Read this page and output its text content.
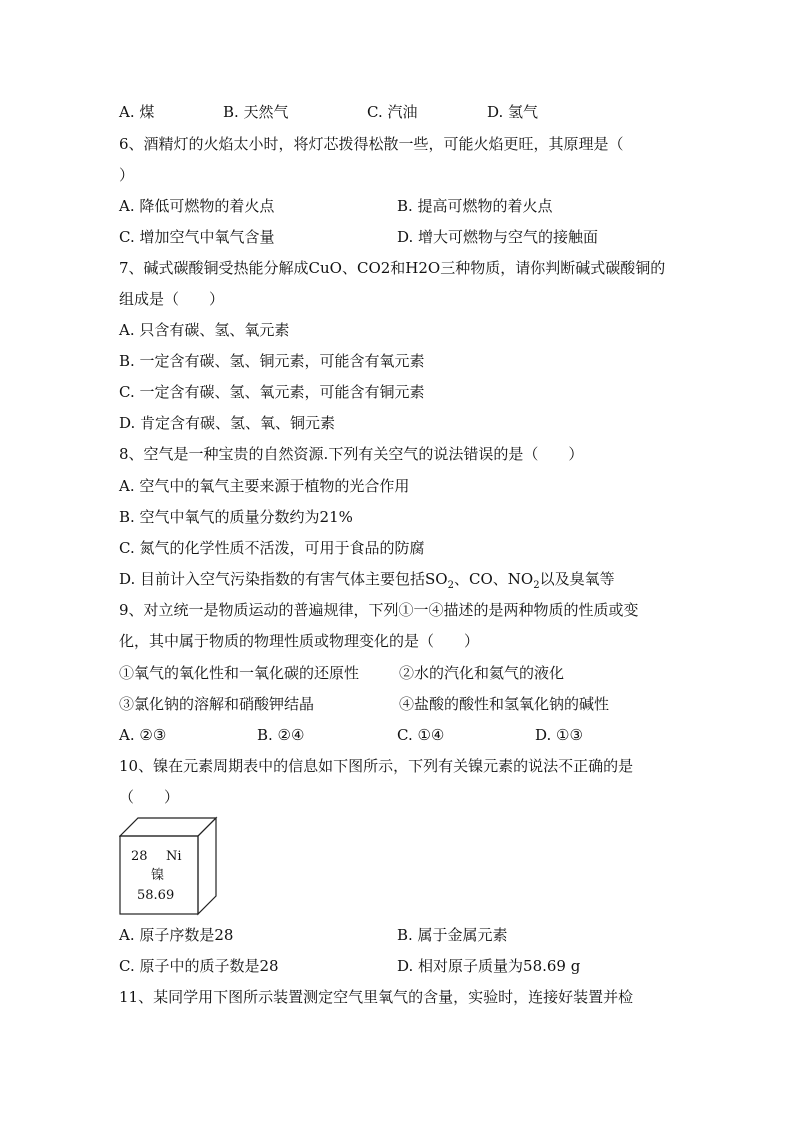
A. 煤	B. 天然气	C. 汽油	D. 氢气
6、酒精灯的火焰太小时，将灯芯拨得松散一些，可能火焰更旺，其原理是（
）
A. 降低可燃物的着火点	B. 提高可燃物的着火点
C. 增加空气中氧气含量	D. 增大可燃物与空气的接触面
7、碱式碳酸铜受热能分解成CuO、CO2和H2O三种物质，请你判断碱式碳酸铜的
组成是（　　）
A. 只含有碳、氢、氧元素
B. 一定含有碳、氢、铜元素，可能含有氧元素
C. 一定含有碳、氢、氧元素，可能含有铜元素
D. 肯定含有碳、氢、氧、铜元素
8、空气是一种宝贵的自然资源.下列有关空气的说法错误的是（　　）
A. 空气中的氧气主要来源于植物的光合作用
B. 空气中氧气的质量分数约为21%
C. 氮气的化学性质不活泼，可用于食品的防腐
D. 目前计入空气污染指数的有害气体主要包括$SO_2$、CO、$NO_2$以及臭氧等
9、对立统一是物质运动的普遍规律，下列①一④描述的是两种物质的性质或变
化，其中属于物质的物理性质或物理变化的是（　　）
①氧气的氧化性和一氧化碳的还原性	②水的汽化和氦气的液化
③氯化钠的溶解和硝酸钾结晶	④盐酸的酸性和氢氧化钠的碱性
A. ②③	B. ②④	C. ①④	D. ①③
10、镍在元素周期表中的信息如下图所示，下列有关镍元素的说法不正确的是
（　　）
28 Ni
镍
58.69
A. 原子序数是28	B. 属于金属元素
C. 原子中的质子数是28	D. 相对原子质量为58.69 g
11、某同学用下图所示装置测定空气里氧气的含量，实验时，连接好装置并检
